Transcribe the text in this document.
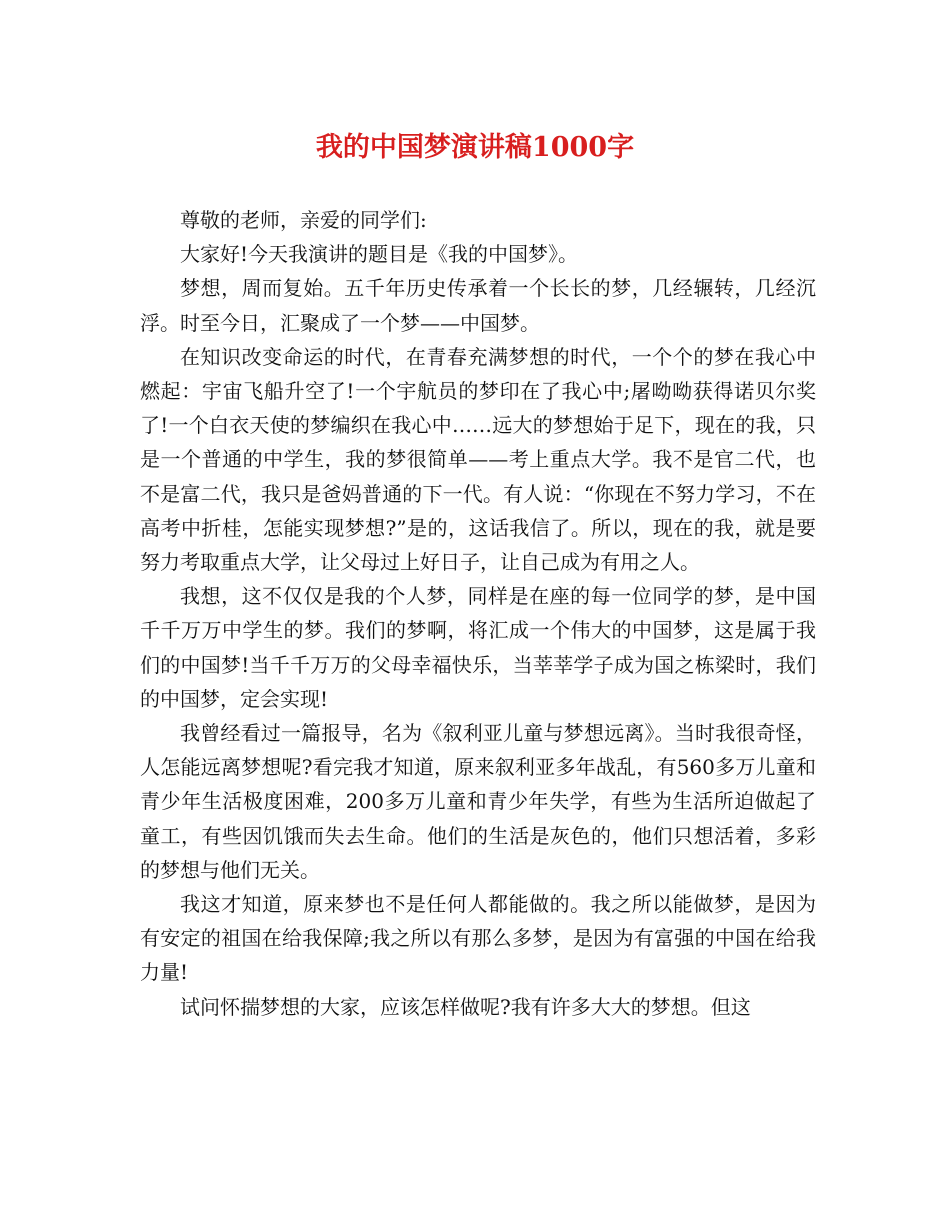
我的中国梦演讲稿1000字

尊敬的老师，亲爱的同学们:

大家好!今天我演讲的题目是《我的中国梦》。

梦想，周而复始。五千年历史传承着一个长长的梦，几经辗转，几经沉浮。时至今日，汇聚成了一个梦——中国梦。

在知识改变命运的时代，在青春充满梦想的时代，一个个的梦在我心中燃起：宇宙飞船升空了!一个宇航员的梦印在了我心中;屠呦呦获得诺贝尔奖了!一个白衣天使的梦编织在我心中……远大的梦想始于足下，现在的我，只是一个普通的中学生，我的梦很简单——考上重点大学。我不是官二代，也不是富二代，我只是爸妈普通的下一代。有人说：“你现在不努力学习，不在高考中折桂，怎能实现梦想?”是的，这话我信了。所以，现在的我，就是要努力考取重点大学，让父母过上好日子，让自己成为有用之人。

我想，这不仅仅是我的个人梦，同样是在座的每一位同学的梦，是中国千千万万中学生的梦。我们的梦啊，将汇成一个伟大的中国梦，这是属于我们的中国梦!当千千万万的父母幸福快乐，当莘莘学子成为国之栋梁时，我们的中国梦，定会实现!

我曾经看过一篇报导，名为《叙利亚儿童与梦想远离》。当时我很奇怪，人怎能远离梦想呢?看完我才知道，原来叙利亚多年战乱，有560多万儿童和青少年生活极度困难，200多万儿童和青少年失学，有些为生活所迫做起了童工，有些因饥饿而失去生命。他们的生活是灰色的，他们只想活着，多彩的梦想与他们无关。

我这才知道，原来梦也不是任何人都能做的。我之所以能做梦，是因为有安定的祖国在给我保障;我之所以有那么多梦，是因为有富强的中国在给我力量!

试问怀揣梦想的大家，应该怎样做呢?我有许多大大的梦想。但这
